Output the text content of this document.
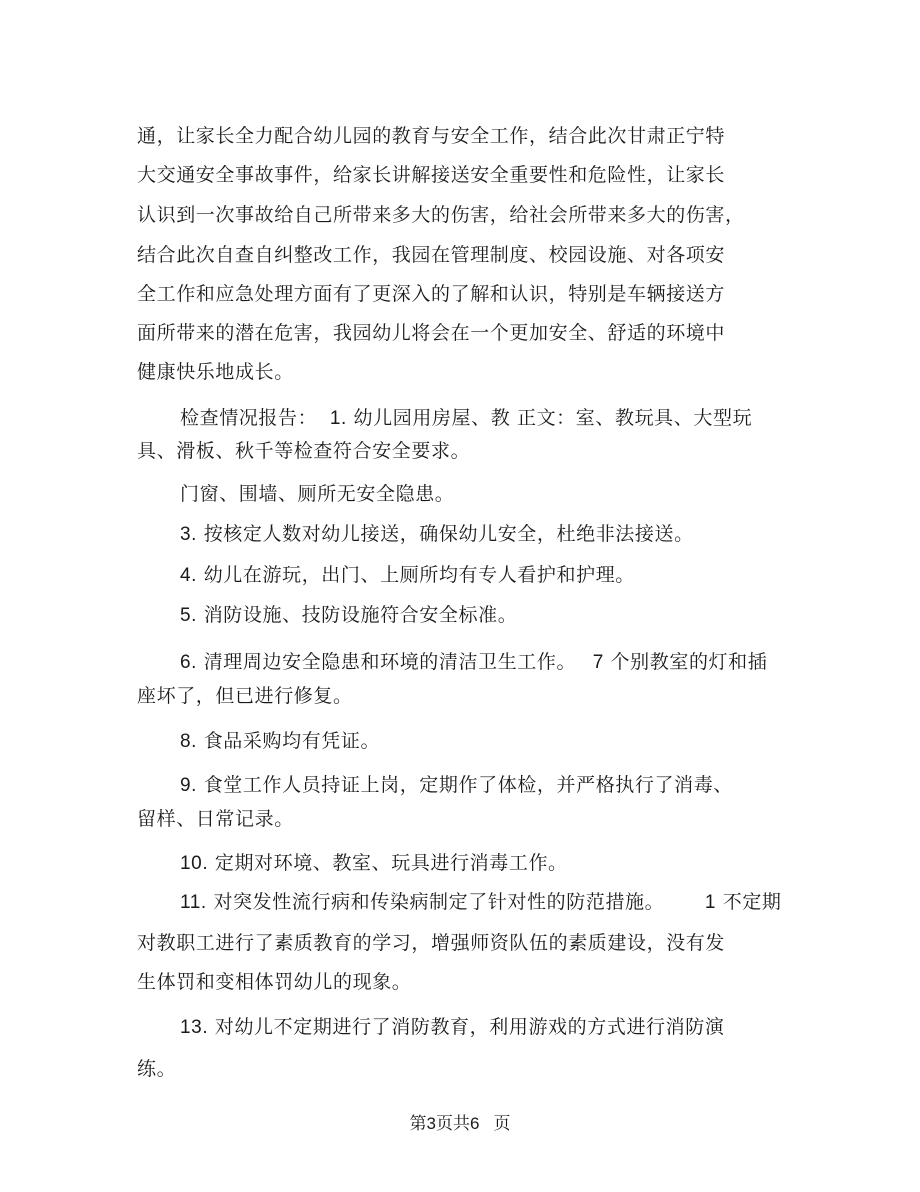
通，让家长全力配合幼儿园的教育与安全工作，结合此次甘肃正宁特
大交通安全事故事件，给家长讲解接送安全重要性和危险性，让家长
认识到一次事故给自己所带来多大的伤害，给社会所带来多大的伤害，
结合此次自查自纠整改工作，我园在管理制度、校园设施、对各项安
全工作和应急处理方面有了更深入的了解和认识，特别是车辆接送方
面所带来的潜在危害，我园幼儿将会在一个更加安全、舒适的环境中
健康快乐地成长。
检查情况报告： 1. 幼儿园用房屋、教 正文：室、教玩具、大型玩
具、滑板、秋千等检查符合安全要求。
门窗、围墙、厕所无安全隐患。
3. 按核定人数对幼儿接送，确保幼儿安全，杜绝非法接送。
4. 幼儿在游玩，出门、上厕所均有专人看护和护理。
5. 消防设施、技防设施符合安全标准。
6. 清理周边安全隐患和环境的清洁卫生工作。 7 个别教室的灯和插
座坏了，但已进行修复。
8. 食品采购均有凭证。
9. 食堂工作人员持证上岗，定期作了体检，并严格执行了消毒、
留样、日常记录。
10. 定期对环境、教室、玩具进行消毒工作。
11. 对突发性流行病和传染病制定了针对性的防范措施。 1 不定期
对教职工进行了素质教育的学习，增强师资队伍的素质建设，没有发
生体罚和变相体罚幼儿的现象。
13. 对幼儿不定期进行了消防教育，利用游戏的方式进行消防演
练。
第3页共6 页
